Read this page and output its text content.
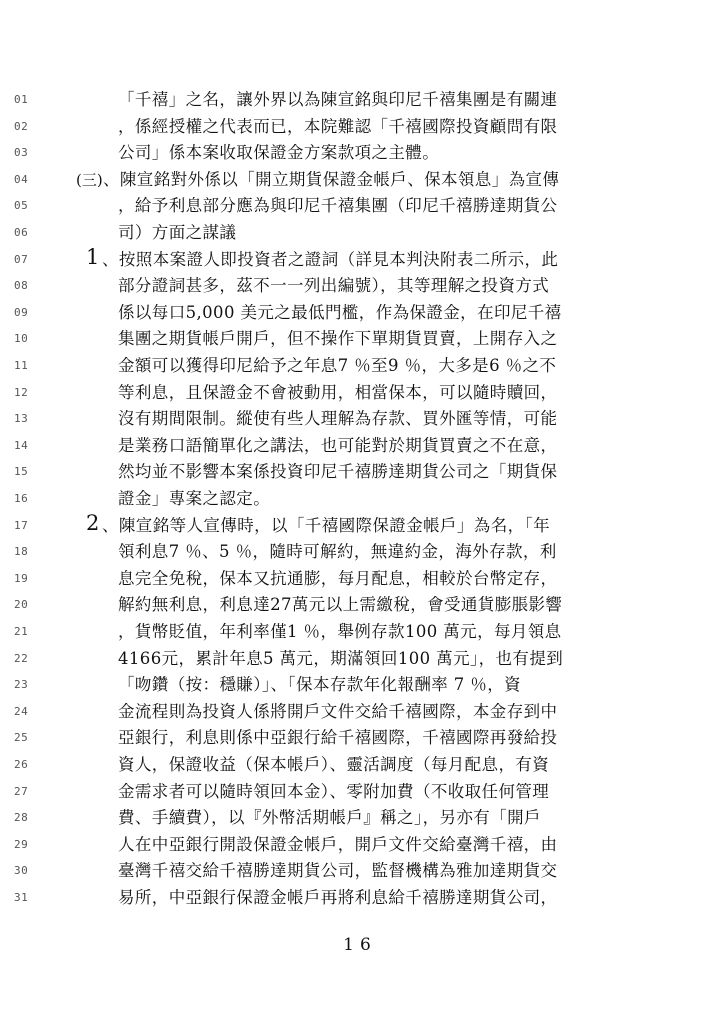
01	「千禧」之名，讓外界以為陳宣銘與印尼千禧集團是有關連
02	，係經授權之代表而已，本院難認「千禧國際投資顧問有限
03	公司」係本案收取保證金方案款項之主體。
04	(三) 、陳宣銘對外係以「開立期貨保證金帳戶、保本領息」為宣傳
05	，給予利息部分應為與印尼千禧集團（印尼千禧勝達期貨公
06	司）方面之謀議
07	1 、按照本案證人即投資者之證詞（詳見本判決附表二所示，此
08	部分證詞甚多，茲不一一列出編號），其等理解之投資方式
09	係以每口5,000 美元之最低門檻，作為保證金，在印尼千禧
10	集團之期貨帳戶開戶，但不操作下單期貨買賣，上開存入之
11	金額可以獲得印尼給予之年息7 ％至9 ％，大多是6 ％之不
12	等利息，且保證金不會被動用，相當保本，可以隨時贖回，
13	沒有期間限制。縱使有些人理解為存款、買外匯等情，可能
14	是業務口語簡單化之講法，也可能對於期貨買賣之不在意，
15	然均並不影響本案係投資印尼千禧勝達期貨公司之「期貨保
16	證金」專案之認定。
17	2 、陳宣銘等人宣傳時，以「千禧國際保證金帳戶」為名，「年
18	領利息7 ％、5 ％，隨時可解約，無違約金，海外存款，利
19	息完全免稅，保本又抗通膨，每月配息，相較於台幣定存，
20	解約無利息，利息達27萬元以上需繳稅，會受通貨膨脹影響
21	，貨幣貶值，年利率僅1 ％，舉例存款100 萬元，每月領息
22	4166元，累計年息5 萬元，期滿領回100 萬元」，也有提到
23	「吻鑽（按：穩賺）」、「保本存款年化報酬率 7 ％，資
24	金流程則為投資人係將開戶文件交給千禧國際，本金存到中
25	亞銀行，利息則係中亞銀行給千禧國際，千禧國際再發給投
26	資人，保證收益（保本帳戶）、靈活調度（每月配息，有資
27	金需求者可以隨時領回本金）、零附加費（不收取任何管理
28	費、手續費），以『外幣活期帳戶』稱之」，另亦有「開戶
29	人在中亞銀行開設保證金帳戶，開戶文件交給臺灣千禧，由
30	臺灣千禧交給千禧勝達期貨公司，監督機構為雅加達期貨交
31	易所，中亞銀行保證金帳戶再將利息給千禧勝達期貨公司，
16
